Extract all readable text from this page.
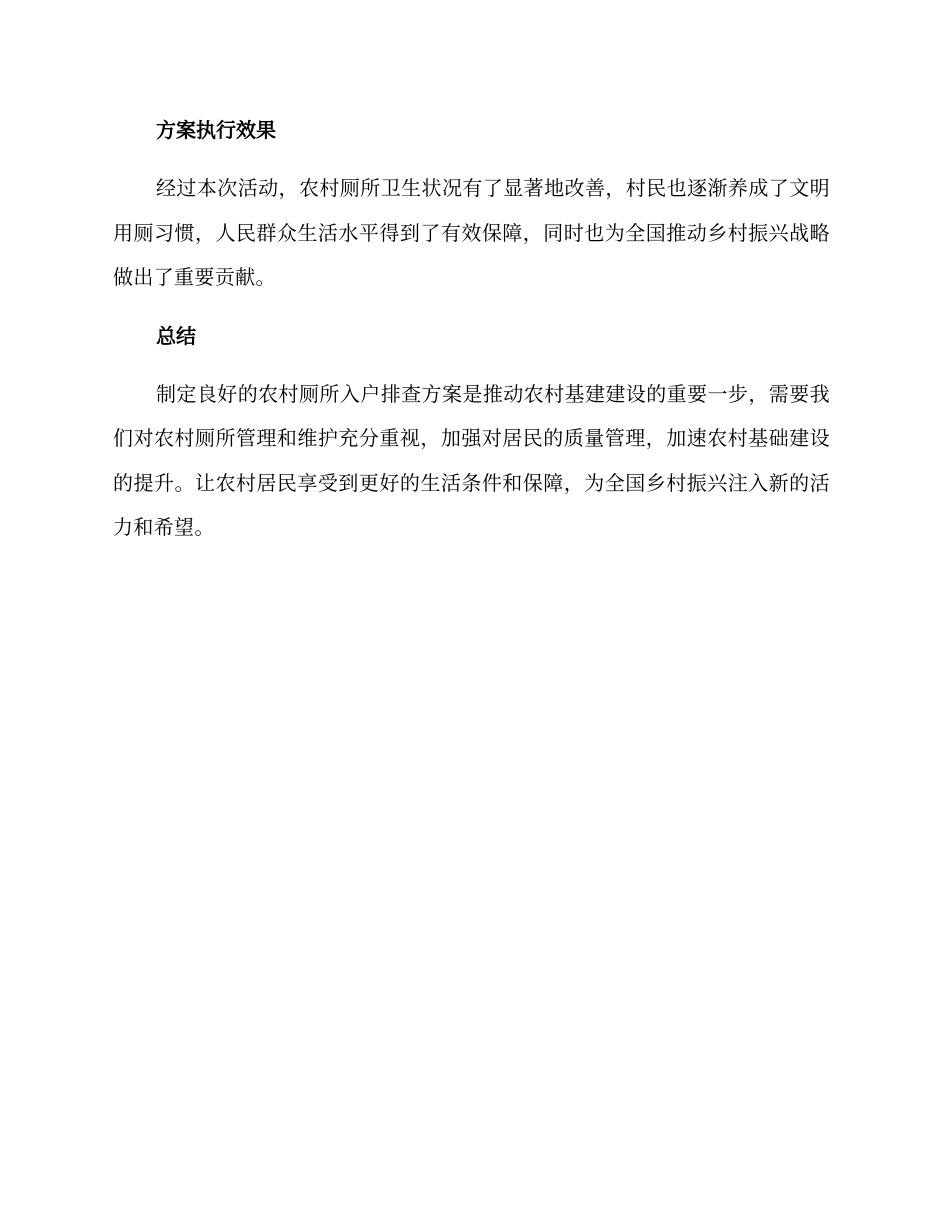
方案执行效果

经过本次活动，农村厕所卫生状况有了显著地改善，村民也逐渐养成了文明用厕习惯，人民群众生活水平得到了有效保障，同时也为全国推动乡村振兴战略做出了重要贡献。

总结

制定良好的农村厕所入户排查方案是推动农村基建建设的重要一步，需要我们对农村厕所管理和维护充分重视，加强对居民的质量管理，加速农村基础建设的提升。让农村居民享受到更好的生活条件和保障，为全国乡村振兴注入新的活力和希望。
